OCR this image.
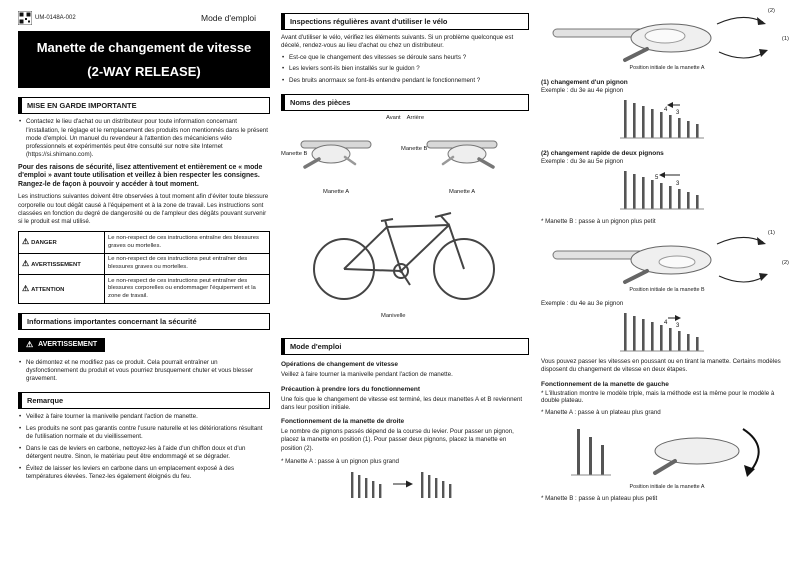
UM-0148A-002	Mode d'emploi
Manette de changement de vitesse
(2-WAY RELEASE)
MISE EN GARDE IMPORTANTE
• Contactez le lieu d'achat ou un distributeur pour toute information concernant l'installation, le réglage et le remplacement des produits non mentionnés dans le présent mode d'emploi. Un manuel du revendeur à l'attention des mécaniciens vélo professionnels et expérimentés peut être consulté sur notre site Internet (https://si.shimano.com).

Pour des raisons de sécurité, lisez attentivement et entièrement ce « mode d'emploi » avant toute utilisation et veillez à bien respecter les consignes. Rangez-le de façon à pouvoir y accéder à tout moment.

Les instructions suivantes doivent être observées à tout moment afin d'éviter toute blessure corporelle ou tout dégât causé à l'équipement et à la zone de travail. Les instructions sont classées en fonction du degré de dangerosité ou de l'ampleur des dégâts pouvant survenir si le produit est mal utilisé.

⚠ DANGER	Le non-respect de ces instructions entraîne des blessures graves ou mortelles.
⚠ AVERTISSEMENT	Le non-respect de ces instructions peut entraîner des blessures graves ou mortelles.
⚠ ATTENTION	Le non-respect de ces instructions peut entraîner des blessures corporelles ou endommager l'équipement et la zone de travail.
Informations importantes concernant la sécurité
⚠ AVERTISSEMENT
• Ne démontez et ne modifiez pas ce produit. Cela pourrait entraîner un dysfonctionnement du produit et vous pourriez brusquement chuter et vous blesser gravement.
Remarque
• Veillez à faire tourner la manivelle pendant l'action de manette.
• Les produits ne sont pas garantis contre l'usure naturelle et les détériorations résultant de l'utilisation normale et du vieillissement.
• Dans le cas de leviers en carbone, nettoyez-les à l'aide d'un chiffon doux et d'un détergent neutre. Sinon, le matériau peut être endommagé et se dégrader.
• Évitez de laisser les leviers en carbone dans un emplacement exposé à des températures élevées. Tenez-les également éloignés du feu.
Inspections régulières avant d'utiliser le vélo

Avant d'utiliser le vélo, vérifiez les éléments suivants. Si un problème quelconque est décelé, rendez-vous au lieu d'achat ou chez un distributeur.

• Est-ce que le changement des vitesses se déroule sans heurts ?
• Les leviers sont-ils bien installés sur le guidon ?
• Des bruits anormaux se font-ils entendre pendant le fonctionnement ?
Noms des pièces
Avant Arrière
Manette B
Manette B
Manette A	Manette A
Manivelle
Mode d'emploi

Opérations de changement de vitesse

Veillez à faire tourner la manivelle pendant l'action de manette.

Précaution à prendre lors du fonctionnement

Une fois que le changement de vitesse est terminé, les deux manettes A et B reviennent dans leur position initiale.

Fonctionnement de la manette de droite

Le nombre de pignons passés dépend de la course du levier. Pour passer un pignon, placez la manette en position (1). Pour passer deux pignons, placez la manette en position (2).

* Manette A : passe à un pignon plus grand

(2)
(1)
Position initiale de la manette A

(1) changement d'un pignon

Exemple : du 3e au 4e pignon

4 3

(2) changement rapide de deux pignons

Exemple : du 3e au 5e pignon

5
3

* Manette B : passe à un pignon plus petit

(1)
(2)
Position initiale de la manette B

Exemple : du 4e au 3e pignon

4 3

Vous pouvez passer les vitesses en poussant ou en tirant la manette. Certains modèles disposent du changement de vitesse en deux étapes.

Fonctionnement de la manette de gauche

* L'illustration montre le modèle triple, mais la méthode est la même pour le modèle à double plateau.

* Manette A : passe à un plateau plus grand

Position initiale de la manette A

* Manette B : passe à un plateau plus petit
